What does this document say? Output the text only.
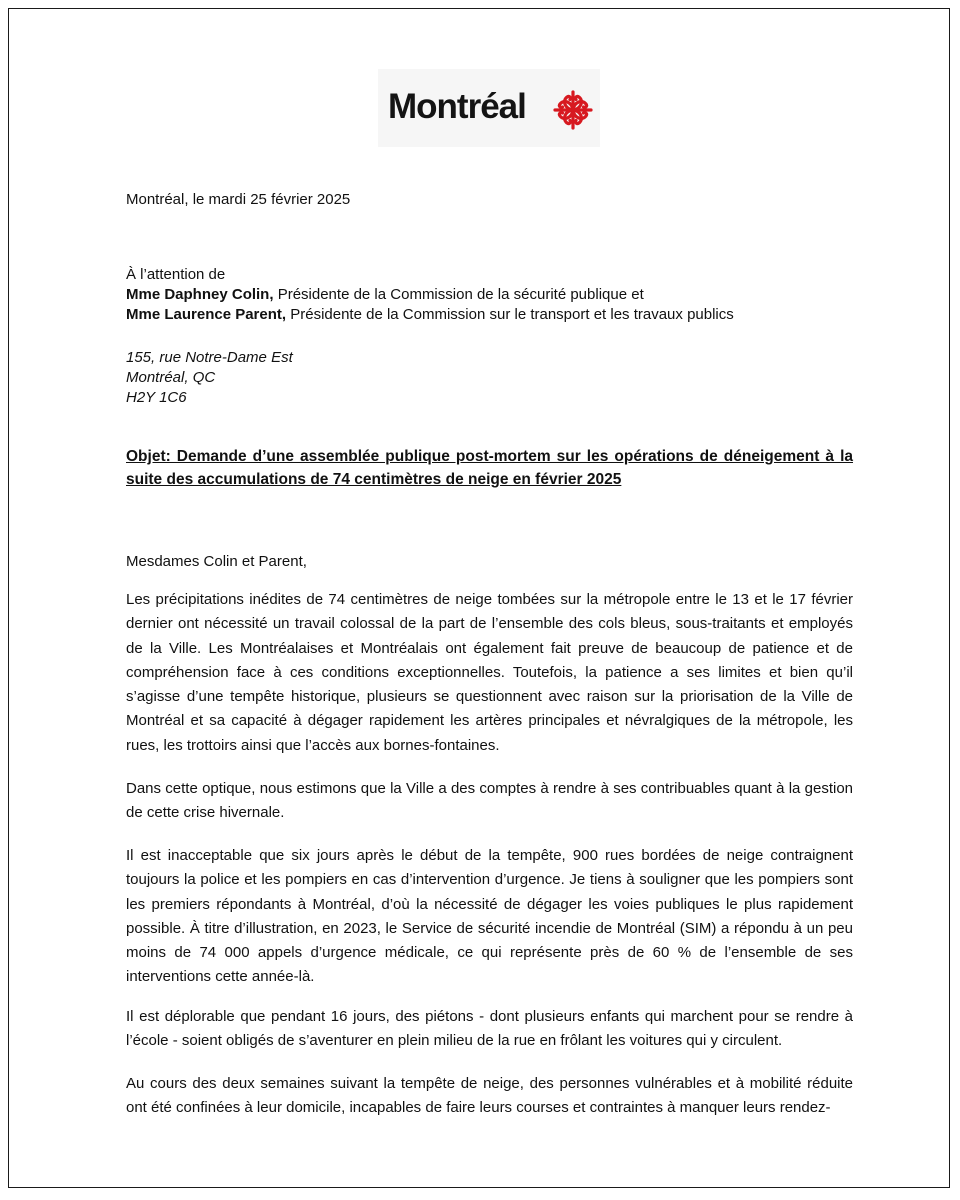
Montréal
Montréal, le mardi 25 février 2025
À l’attention de
Mme Daphney Colin, Présidente de la Commission de la sécurité publique et
Mme Laurence Parent, Présidente de la Commission sur le transport et les travaux publics
155, rue Notre-Dame Est
Montréal, QC
H2Y 1C6
Objet: Demande d’une assemblée publique post-mortem sur les opérations de déneigement à la suite des accumulations de 74 centimètres de neige en février 2025
Mesdames Colin et Parent,
Les précipitations inédites de 74 centimètres de neige tombées sur la métropole entre le 13 et le 17 février dernier ont nécessité un travail colossal de la part de l’ensemble des cols bleus, sous-traitants et employés de la Ville. Les Montréalaises et Montréalais ont également fait preuve de beaucoup de patience et de compréhension face à ces conditions exceptionnelles. Toutefois, la patience a ses limites et bien qu’il s’agisse d’une tempête historique, plusieurs se questionnent avec raison sur la priorisation de la Ville de Montréal et sa capacité à dégager rapidement les artères principales et névralgiques de la métropole, les rues, les trottoirs ainsi que l’accès aux bornes-fontaines.
Dans cette optique, nous estimons que la Ville a des comptes à rendre à ses contribuables quant à la gestion de cette crise hivernale.
Il est inacceptable que six jours après le début de la tempête, 900 rues bordées de neige contraignent toujours la police et les pompiers en cas d’intervention d’urgence. Je tiens à souligner que les pompiers sont les premiers répondants à Montréal, d’où la nécessité de dégager les voies publiques le plus rapidement possible. À titre d’illustration, en 2023, le Service de sécurité incendie de Montréal (SIM) a répondu à un peu moins de 74 000 appels d’urgence médicale, ce qui représente près de 60 % de l’ensemble de ses interventions cette année-là.
Il est déplorable que pendant 16 jours, des piétons - dont plusieurs enfants qui marchent pour se rendre à l’école - soient obligés de s’aventurer en plein milieu de la rue en frôlant les voitures qui y circulent.
Au cours des deux semaines suivant la tempête de neige, des personnes vulnérables et à mobilité réduite ont été confinées à leur domicile, incapables de faire leurs courses et contraintes à manquer leurs rendez-
